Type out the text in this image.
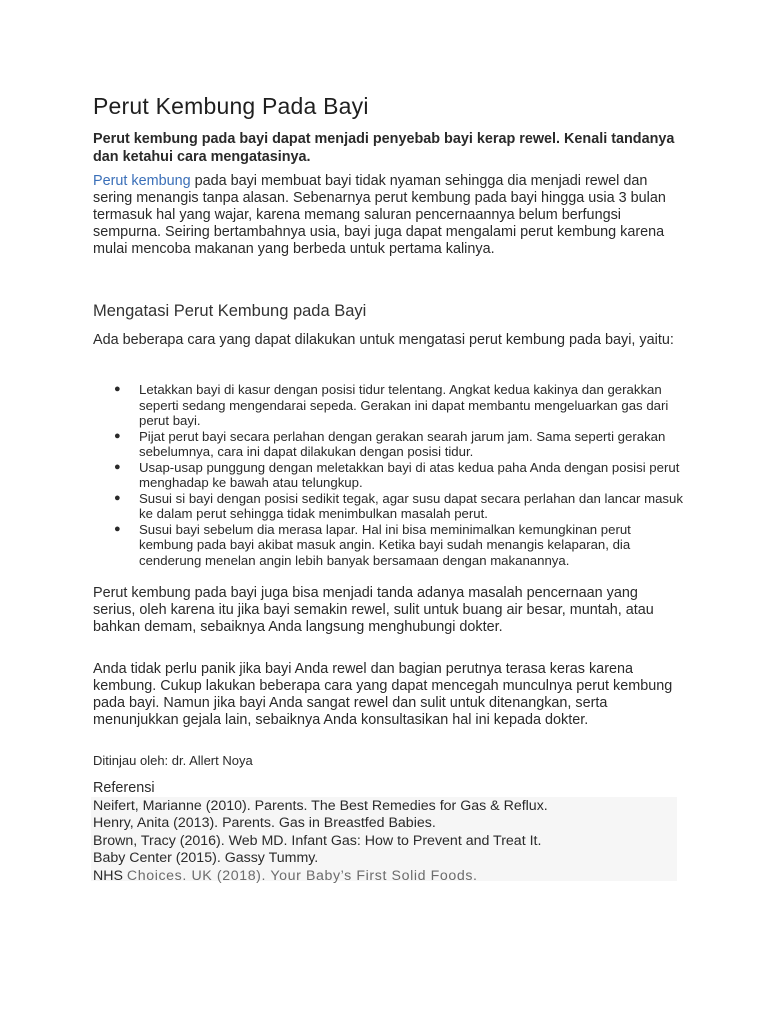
Perut Kembung Pada Bayi

Perut kembung pada bayi dapat menjadi penyebab bayi kerap rewel. Kenali tandanya dan ketahui cara mengatasinya.

Perut kembung pada bayi membuat bayi tidak nyaman sehingga dia menjadi rewel dan sering menangis tanpa alasan. Sebenarnya perut kembung pada bayi hingga usia 3 bulan termasuk hal yang wajar, karena memang saluran pencernaannya belum berfungsi sempurna. Seiring bertambahnya usia, bayi juga dapat mengalami perut kembung karena mulai mencoba makanan yang berbeda untuk pertama kalinya.

Mengatasi Perut Kembung pada Bayi

Ada beberapa cara yang dapat dilakukan untuk mengatasi perut kembung pada bayi, yaitu:

● Letakkan bayi di kasur dengan posisi tidur telentang. Angkat kedua kakinya dan gerakkan seperti sedang mengendarai sepeda. Gerakan ini dapat membantu mengeluarkan gas dari perut bayi.
● Pijat perut bayi secara perlahan dengan gerakan searah jarum jam. Sama seperti gerakan sebelumnya, cara ini dapat dilakukan dengan posisi tidur.
● Usap-usap punggung dengan meletakkan bayi di atas kedua paha Anda dengan posisi perut menghadap ke bawah atau telungkup.
● Susui si bayi dengan posisi sedikit tegak, agar susu dapat secara perlahan dan lancar masuk ke dalam perut sehingga tidak menimbulkan masalah perut.
● Susui bayi sebelum dia merasa lapar. Hal ini bisa meminimalkan kemungkinan perut kembung pada bayi akibat masuk angin. Ketika bayi sudah menangis kelaparan, dia cenderung menelan angin lebih banyak bersamaan dengan makanannya.

Perut kembung pada bayi juga bisa menjadi tanda adanya masalah pencernaan yang serius, oleh karena itu jika bayi semakin rewel, sulit untuk buang air besar, muntah, atau bahkan demam, sebaiknya Anda langsung menghubungi dokter.

Anda tidak perlu panik jika bayi Anda rewel dan bagian perutnya terasa keras karena kembung. Cukup lakukan beberapa cara yang dapat mencegah munculnya perut kembung pada bayi. Namun jika bayi Anda sangat rewel dan sulit untuk ditenangkan, serta menunjukkan gejala lain, sebaiknya Anda konsultasikan hal ini kepada dokter.

Ditinjau oleh: dr. Allert Noya

Referensi
Neifert, Marianne (2010). Parents. The Best Remedies for Gas & Reflux.
Henry, Anita (2013). Parents. Gas in Breastfed Babies.
Brown, Tracy (2016). Web MD. Infant Gas: How to Prevent and Treat It.
Baby Center (2015). Gassy Tummy.
NHS Choices. UK (2018). Your Baby’s First Solid Foods.
